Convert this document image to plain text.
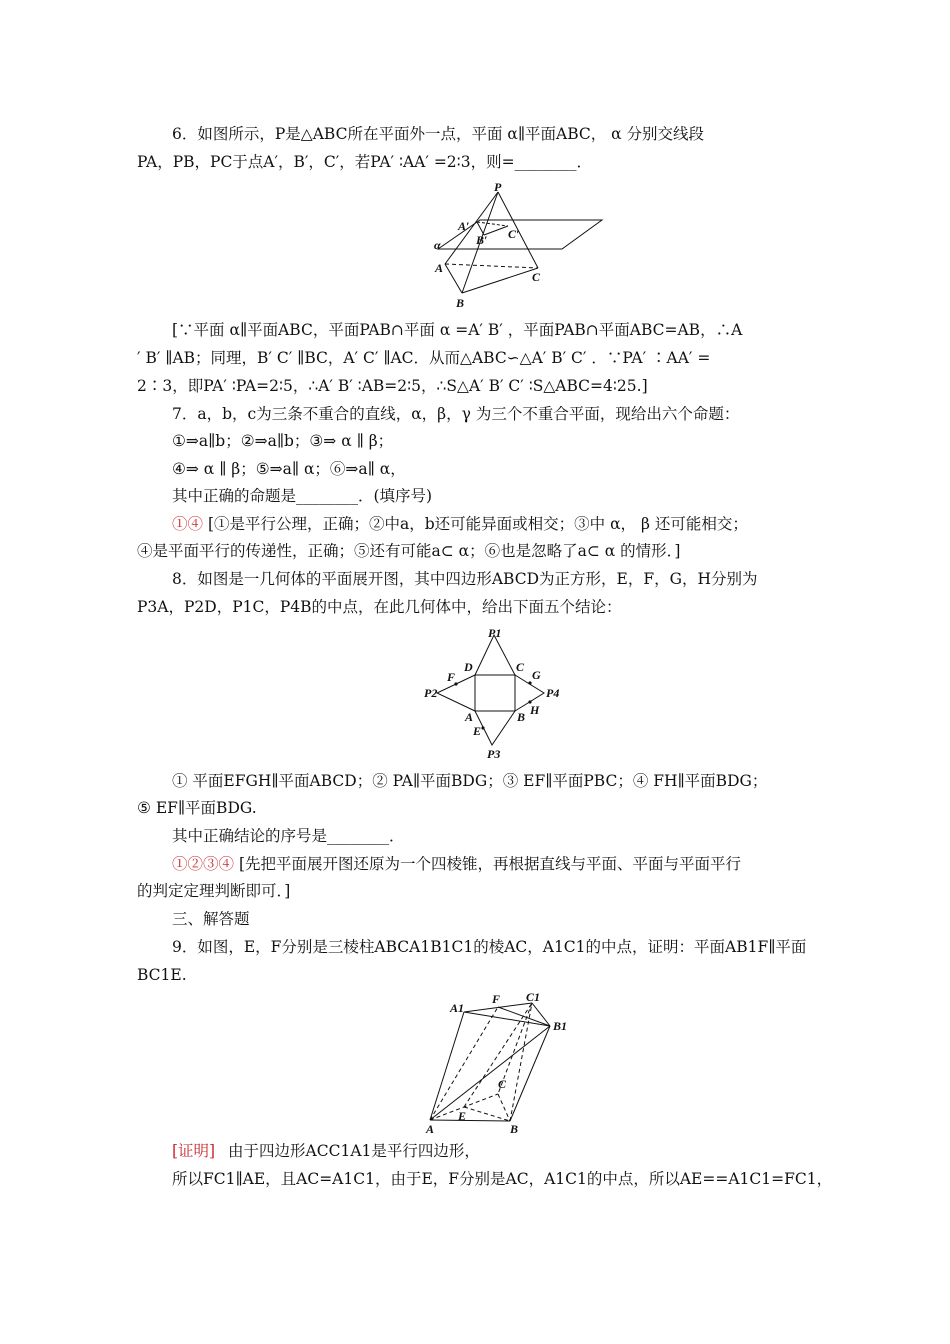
6．如图所示，P是△ABC所在平面外一点，平面 α∥平面ABC， α 分别交线段
PA，PB，PC于点A′，B′，C′，若PA′ ∶AA′ =2∶3，则=________．
P
A′
B′ C′
α
A
B
C
[∵平面 α∥平面ABC，平面PAB∩平面 α =A′ B′ ，平面PAB∩平面ABC=AB，∴A
′ B′ ∥AB；同理，B′ C′ ∥BC，A′ C′ ∥AC．从而△ABC∽△A′ B′ C′ ．∵PA′ ∶AA′ =
2∶3，即PA′ ∶PA=2∶5，∴A′ B′ ∶AB=2∶5，∴S△A′ B′ C′ ∶S△ABC=4∶25.]
7．a，b，c为三条不重合的直线，α，β，γ 为三个不重合平面，现给出六个命题：
①⇒a∥b；②⇒a∥b；③⇒ α ∥ β；
④⇒ α ∥ β；⑤⇒a∥ α；⑥⇒a∥ α，
其中正确的命题是________．(填序号)
①④ [①是平行公理，正确；②中a，b还可能异面或相交；③中 α， β 还可能相交；
④是平面平行的传递性，正确；⑤还有可能a⊂ α；⑥也是忽略了a⊂ α 的情形．]
8．如图是一几何体的平面展开图，其中四边形ABCD为正方形，E，F，G，H分别为
P3A，P2D，P1C，P4B的中点，在此几何体中，给出下面五个结论：
P1
P2
P3
P4
A	B
C
D
E
F	G
H
① 平面EFGH∥平面ABCD；② PA∥平面BDG；③ EF∥平面PBC；④ FH∥平面BDG；
⑤ EF∥平面BDG.
其中正确结论的序号是________．
①②③④ [先把平面展开图还原为一个四棱锥，再根据直线与平面、平面与平面平行
的判定定理判断即可．]
三、解答题
9．如图，E，F分别是三棱柱ABCA1B1C1的棱AC，A1C1的中点，证明：平面AB1F∥平面
BC1E.
C1
A1
F
B1
C
E
A	B
[证明] 由于四边形ACC1A1是平行四边形，
所以FC1∥AE，且AC=A1C1，由于E，F分别是AC，A1C1的中点，所以AE==A1C1=FC1，
